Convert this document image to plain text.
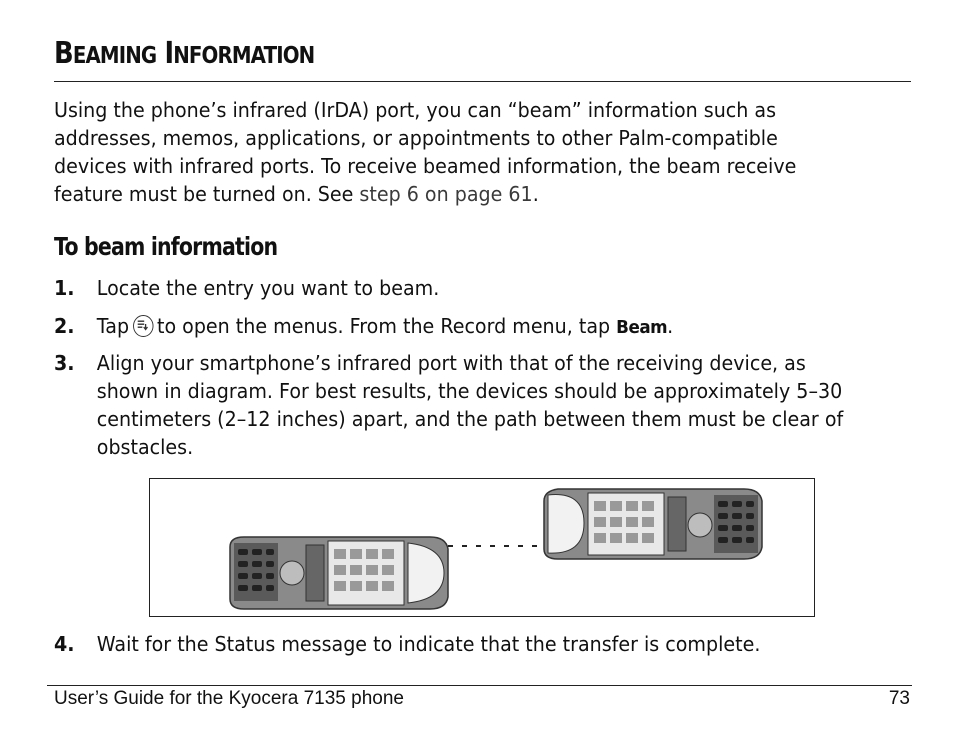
BEAMING INFORMATION

Using the phone’s infrared (IrDA) port, you can “beam” information such as addresses, memos, applications, or appointments to other Palm-compatible devices with infrared ports. To receive beamed information, the beam receive feature must be turned on. See step 6 on page 61.

To beam information
1. Locate the entry you want to beam.
2. Tap to open the menus. From the Record menu, tap Beam.
3. Align your smartphone’s infrared port with that of the receiving device, as shown in diagram. For best results, the devices should be approximately 5–30 centimeters (2–12 inches) apart, and the path between them must be clear of obstacles.
4. Wait for the Status message to indicate that the transfer is complete.
User’s Guide for the Kyocera 7135 phone	73
